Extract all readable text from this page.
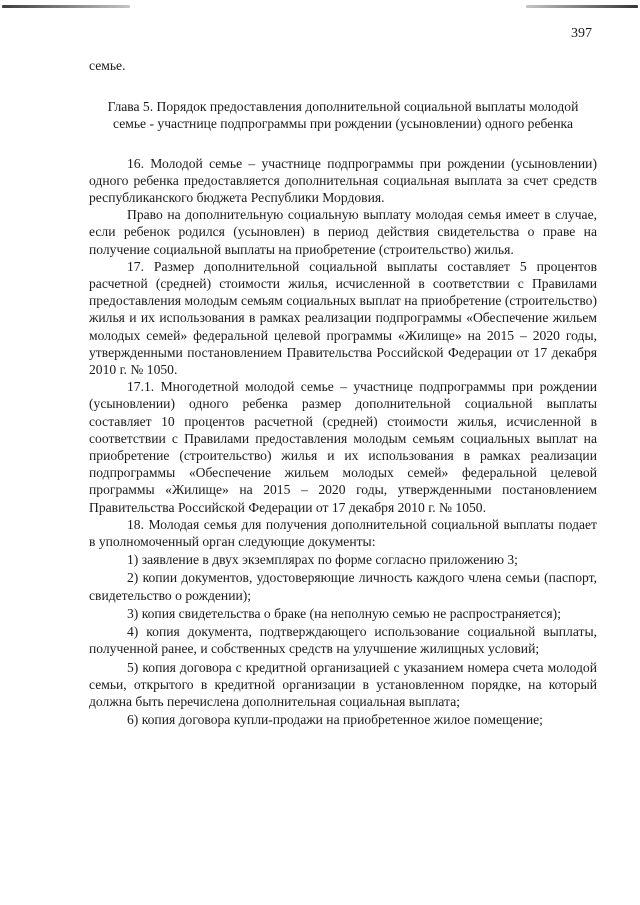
397

семье.

Глава 5. Порядок предоставления дополнительной социальной выплаты молодой семье - участнице подпрограммы при рождении (усыновлении) одного ребенка

16. Молодой семье – участнице подпрограммы при рождении (усыновлении) одного ребенка предоставляется дополнительная социальная выплата за счет средств республиканского бюджета Республики Мордовия.

Право на дополнительную социальную выплату молодая семья имеет в случае, если ребенок родился (усыновлен) в период действия свидетельства о праве на получение социальной выплаты на приобретение (строительство) жилья.

17. Размер дополнительной социальной выплаты составляет 5 процентов расчетной (средней) стоимости жилья, исчисленной в соответствии с Правилами предоставления молодым семьям социальных выплат на приобретение (строительство) жилья и их использования в рамках реализации подпрограммы «Обеспечение жильем молодых семей» федеральной целевой программы «Жилище» на 2015 – 2020 годы, утвержденными постановлением Правительства Российской Федерации от 17 декабря 2010 г. № 1050.

17.1. Многодетной молодой семье – участнице подпрограммы при рождении (усыновлении) одного ребенка размер дополнительной социальной выплаты составляет 10 процентов расчетной (средней) стоимости жилья, исчисленной в соответствии с Правилами предоставления молодым семьям социальных выплат на приобретение (строительство) жилья и их использования в рамках реализации подпрограммы «Обеспечение жильем молодых семей» федеральной целевой программы «Жилище» на 2015 – 2020 годы, утвержденными постановлением Правительства Российской Федерации от 17 декабря 2010 г. № 1050.

18. Молодая семья для получения дополнительной социальной выплаты подает в уполномоченный орган следующие документы:

1) заявление в двух экземплярах по форме согласно приложению 3;

2) копии документов, удостоверяющие личность каждого члена семьи (паспорт, свидетельство о рождении);

3) копия свидетельства о браке (на неполную семью не распространяется);

4) копия документа, подтверждающего использование социальной выплаты, полученной ранее, и собственных средств на улучшение жилищных условий;

5) копия договора с кредитной организацией с указанием номера счета молодой семьи, открытого в кредитной организации в установленном порядке, на который должна быть перечислена дополнительная социальная выплата;

6) копия договора купли-продажи на приобретенное жилое помещение;
